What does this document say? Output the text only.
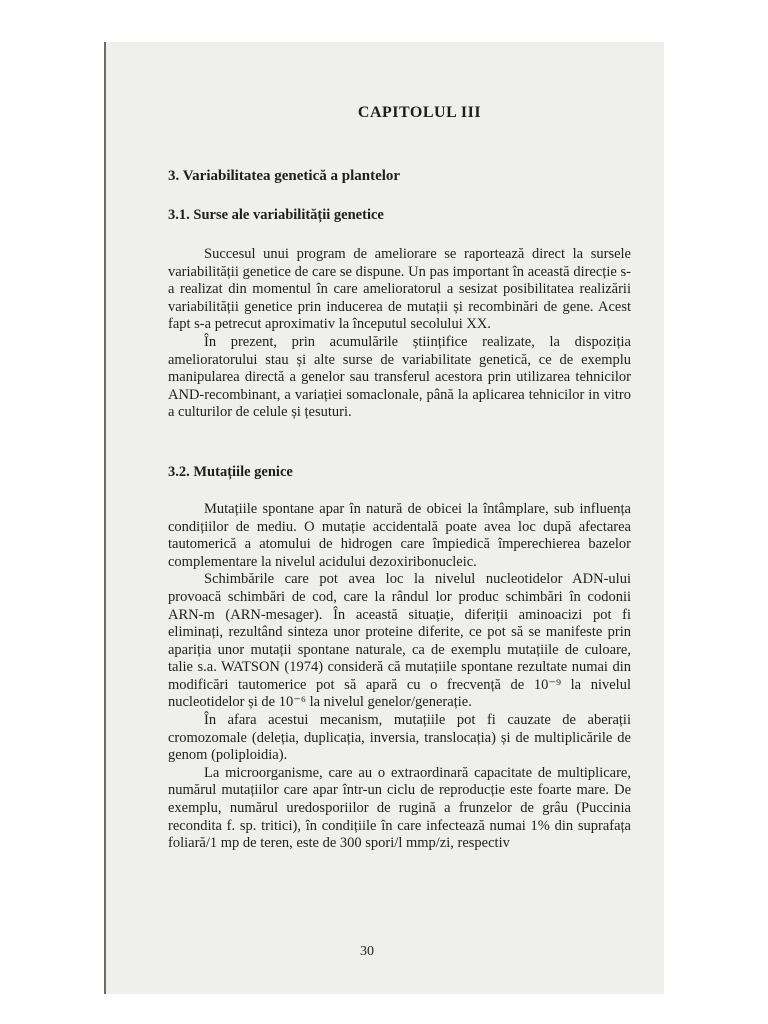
CAPITOLUL III
3. Variabilitatea genetică a plantelor
3.1. Surse ale variabilității genetice

Succesul unui program de ameliorare se raportează direct la sursele variabilității genetice de care se dispune. Un pas important în această direcție s-a realizat din momentul în care amelioratorul a sesizat posibilitatea realizării variabilității genetice prin inducerea de mutații și recombinări de gene. Acest fapt s-a petrecut aproximativ la începutul secolului XX.

În prezent, prin acumulările științifice realizate, la dispoziția amelioratorului stau și alte surse de variabilitate genetică, ce de exemplu manipularea directă a genelor sau transferul acestora prin utilizarea tehnicilor AND-recombinant, a variației somaclonale, până la aplicarea tehnicilor in vitro a culturilor de celule și țesuturi.

3.2. Mutațiile genice

Mutațiile spontane apar în natură de obicei la întâmplare, sub influența condițiilor de mediu. O mutație accidentală poate avea loc după afectarea tautomerică a atomului de hidrogen care împiedică împerechierea bazelor complementare la nivelul acidului dezoxiribonucleic.

Schimbările care pot avea loc la nivelul nucleotidelor ADN-ului provoacă schimbări de cod, care la rândul lor produc schimbări în codonii ARN-m (ARN-mesager). În această situație, diferiții aminoacizi pot fi eliminați, rezultând sinteza unor proteine diferite, ce pot să se manifeste prin apariția unor mutații spontane naturale, ca de exemplu mutațiile de culoare, talie s.a. WATSON (1974) consideră că mutațiile spontane rezultate numai din modificări tautomerice pot să apară cu o frecvență de 10⁻⁹ la nivelul nucleotidelor și de 10⁻⁶ la nivelul genelor/generație.

În afara acestui mecanism, mutațiile pot fi cauzate de aberații cromozomale (deleția, duplicația, inversia, translocația) și de multiplicările de genom (poliploidia).

La microorganisme, care au o extraordinară capacitate de multiplicare, numărul mutațiilor care apar într-un ciclu de reproducție este foarte mare. De exemplu, numărul uredosporiilor de rugină a frunzelor de grâu (Puccinia recondita f. sp. tritici), în condițiile în care infectează numai 1% din suprafața foliară/1 mp de teren, este de 300 spori/l mmp/zi, respectiv

30
